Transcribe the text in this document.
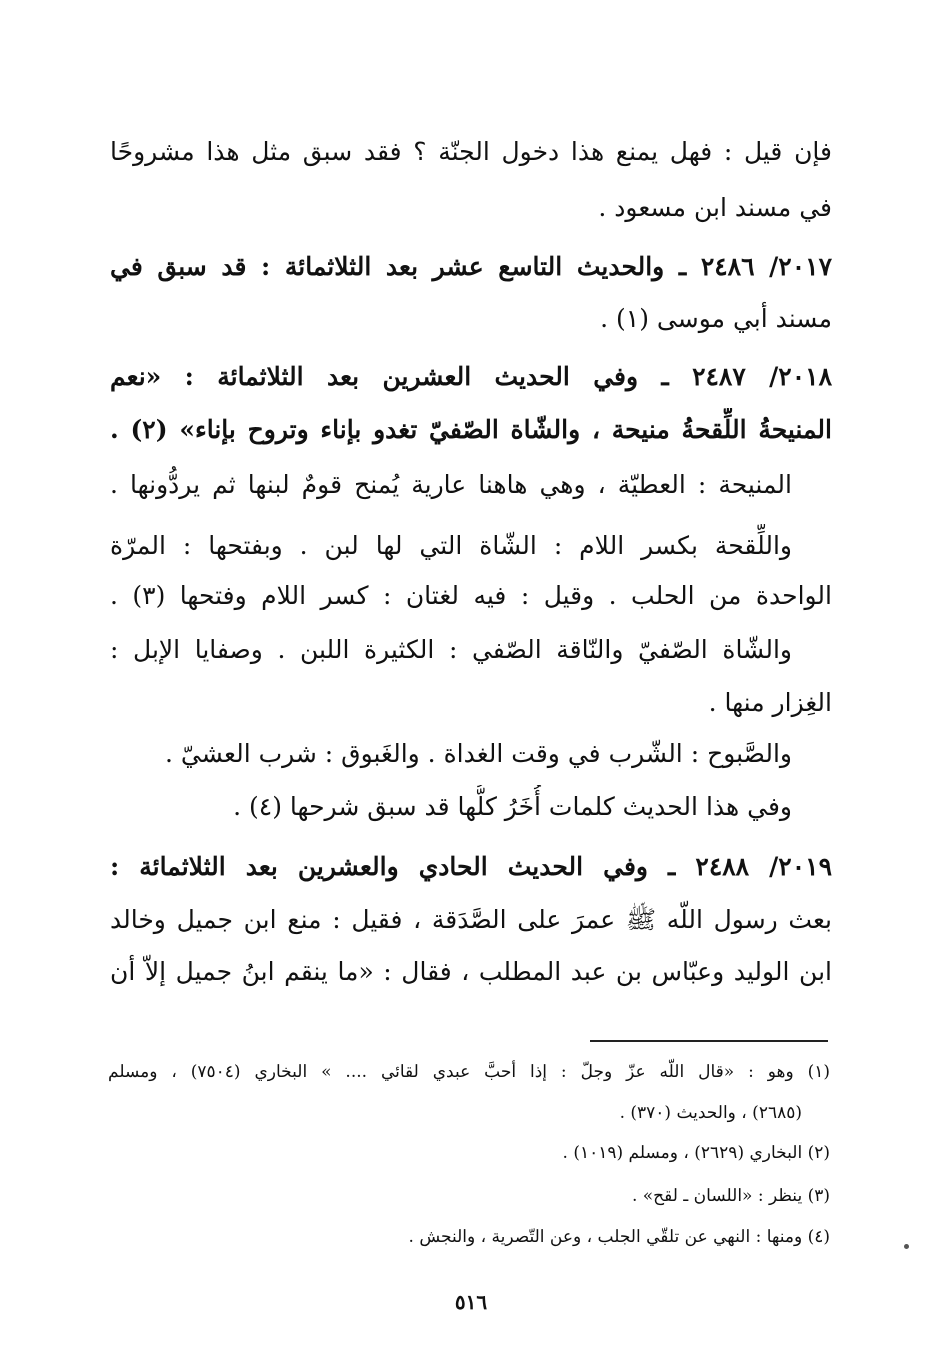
فإن قيل : فهل يمنع هذا دخول الجنّة ؟ فقد سبق مثل هذا مشروحًا
في مسند ابن مسعود .
٢٠١٧/ ٢٤٨٦ ـ والحديث التاسع عشر بعد الثلاثمائة : قد سبق في
مسند أبي موسى (١) .
٢٠١٨/ ٢٤٨٧ ـ وفي الحديث العشرين بعد الثلاثمائة : «نعم
المنيحةُ اللِّقحةُ منيحة ، والشّاة الصّفيّ تغدو بإناء وتروح بإناء» (٢) .
المنيحة : العطيّة ، وهي هاهنا عارية يُمنح قومٌ لبنها ثم يردُّونها .
واللِّقحة بكسر اللام : الشّاة التي لها لبن . وبفتحها : المرّة
الواحدة من الحلب . وقيل : فيه لغتان : كسر اللام وفتحها (٣) .
والشّاة الصّفيّ والنّاقة الصّفي : الكثيرة اللبن . وصفايا الإبل :
الغِزار منها .
والصَّبوح : الشّرب في وقت الغداة . والغَبوق : شرب العشيّ .
وفي هذا الحديث كلمات أُخَرُ كلُّها قد سبق شرحها (٤) .
٢٠١٩/ ٢٤٨٨ ـ وفي الحديث الحادي والعشرين بعد الثلاثمائة :
بعث رسول اللّه ﷺ عمرَ على الصَّدَقة ، فقيل : منع ابن جميل وخالد
ابن الوليد وعبّاس بن عبد المطلب ، فقال : «ما ينقم ابنُ جميل إلاّ أن
(١) وهو : «قال اللّه عزّ وجلّ : إذا أحبَّ عبدي لقائي .... » البخاري (٧٥٠٤) ، ومسلم
(٢٦٨٥) ، والحديث (٣٧٠) .
(٢) البخاري (٢٦٢٩) ، ومسلم (١٠١٩) .
(٣) ينظر : «اللسان ـ لقح» .
(٤) ومنها : النهي عن تلقّي الجلب ، وعن التّصرية ، والنجش .
٥١٦
